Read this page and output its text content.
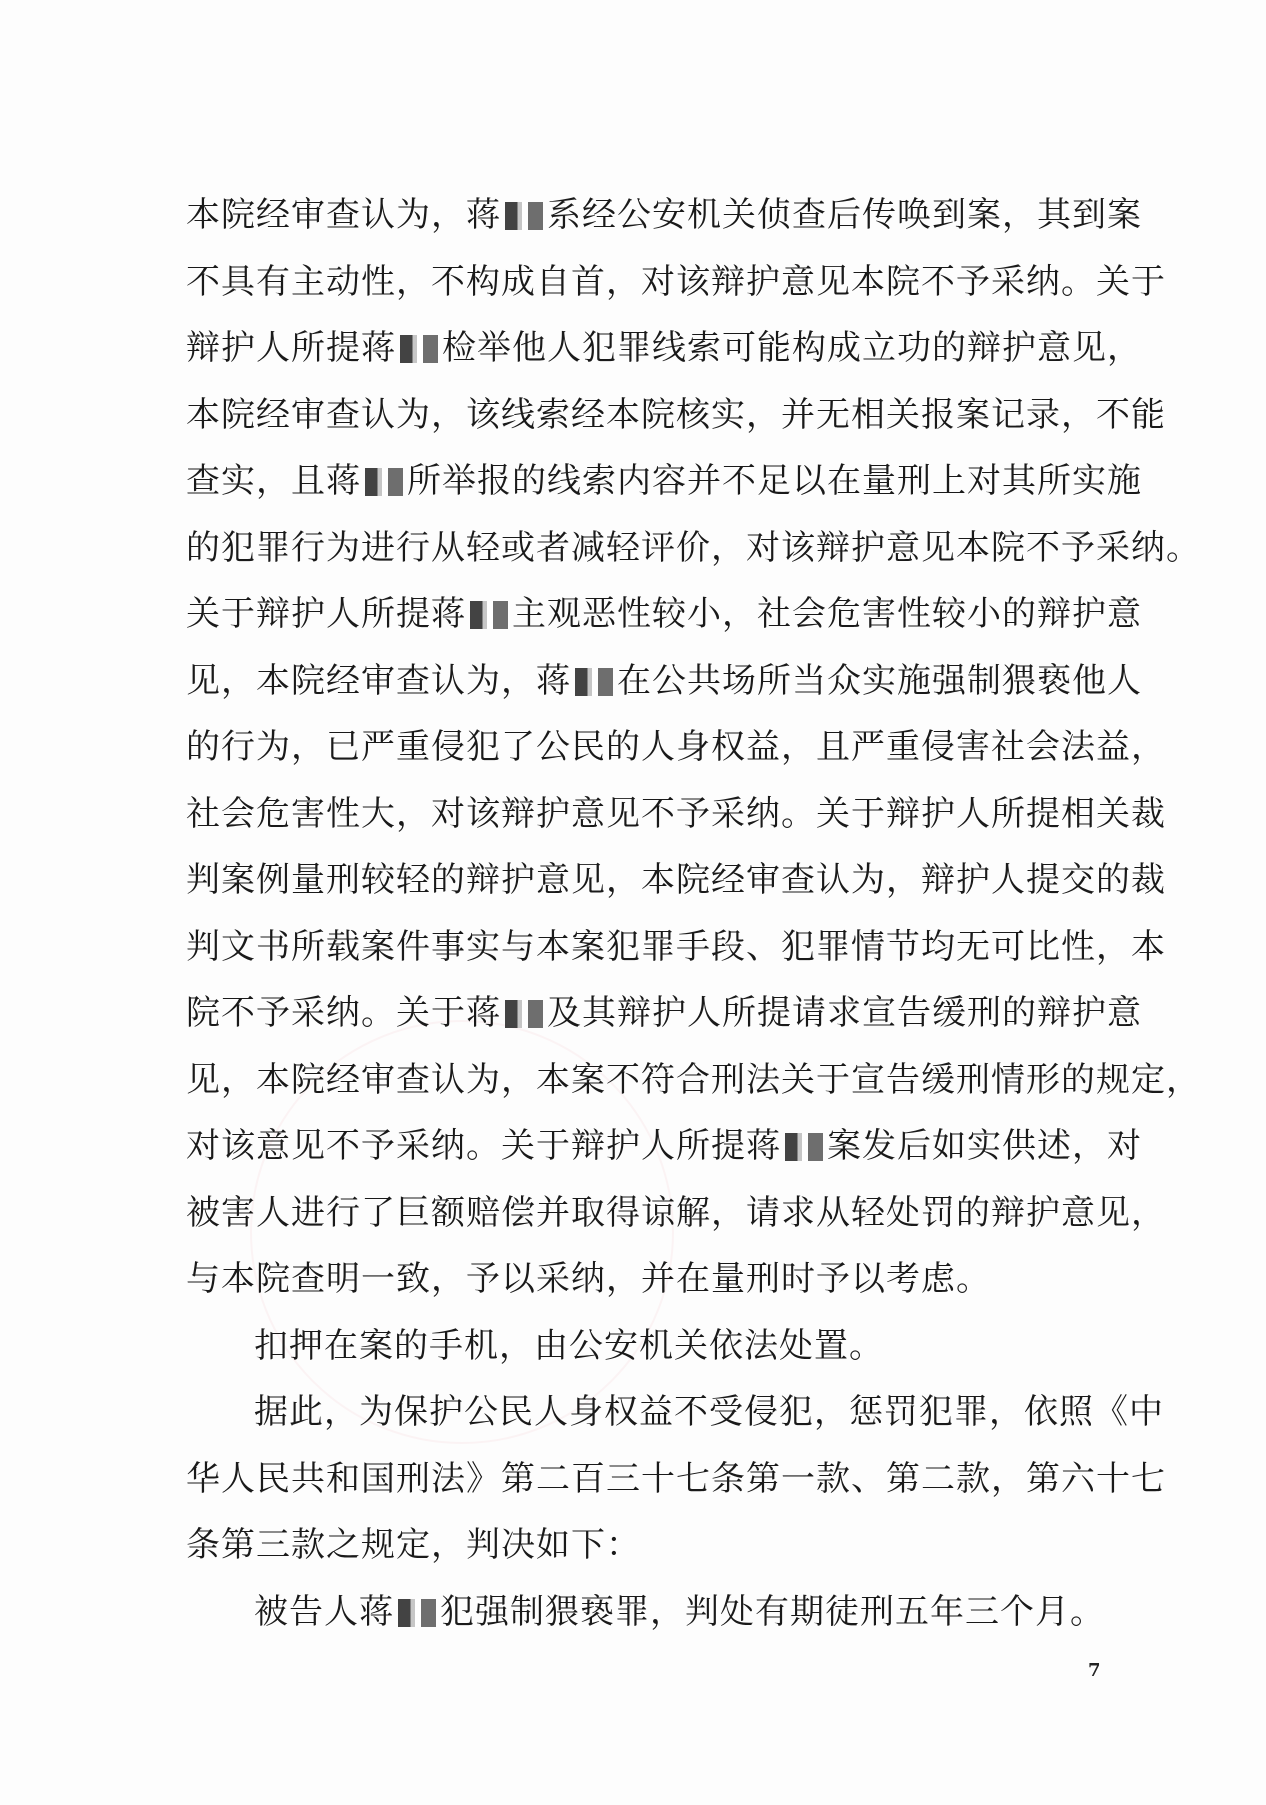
本院经审查认为，蒋 系经公安机关侦查后传唤到案，其到案
不具有主动性，不构成自首，对该辩护意见本院不予采纳。关于
辩护人所提蒋 检举他人犯罪线索可能构成立功的辩护意见，
本院经审查认为，该线索经本院核实，并无相关报案记录，不能
查实，且蒋 所举报的线索内容并不足以在量刑上对其所实施
的犯罪行为进行从轻或者减轻评价，对该辩护意见本院不予采纳。
关于辩护人所提蒋 主观恶性较小，社会危害性较小的辩护意
见，本院经审查认为，蒋 在公共场所当众实施强制猥亵他人
的行为，已严重侵犯了公民的人身权益，且严重侵害社会法益，
社会危害性大，对该辩护意见不予采纳。关于辩护人所提相关裁
判案例量刑较轻的辩护意见，本院经审查认为，辩护人提交的裁
判文书所载案件事实与本案犯罪手段、犯罪情节均无可比性，本
院不予采纳。关于蒋 及其辩护人所提请求宣告缓刑的辩护意
见，本院经审查认为，本案不符合刑法关于宣告缓刑情形的规定，
对该意见不予采纳。关于辩护人所提蒋 案发后如实供述，对
被害人进行了巨额赔偿并取得谅解，请求从轻处罚的辩护意见，
与本院查明一致，予以采纳，并在量刑时予以考虑。
扣押在案的手机，由公安机关依法处置。
据此，为保护公民人身权益不受侵犯，惩罚犯罪，依照《中
华人民共和国刑法》第二百三十七条第一款、第二款，第六十七
条第三款之规定，判决如下：
被告人蒋 犯强制猥亵罪，判处有期徒刑五年三个月。
7
